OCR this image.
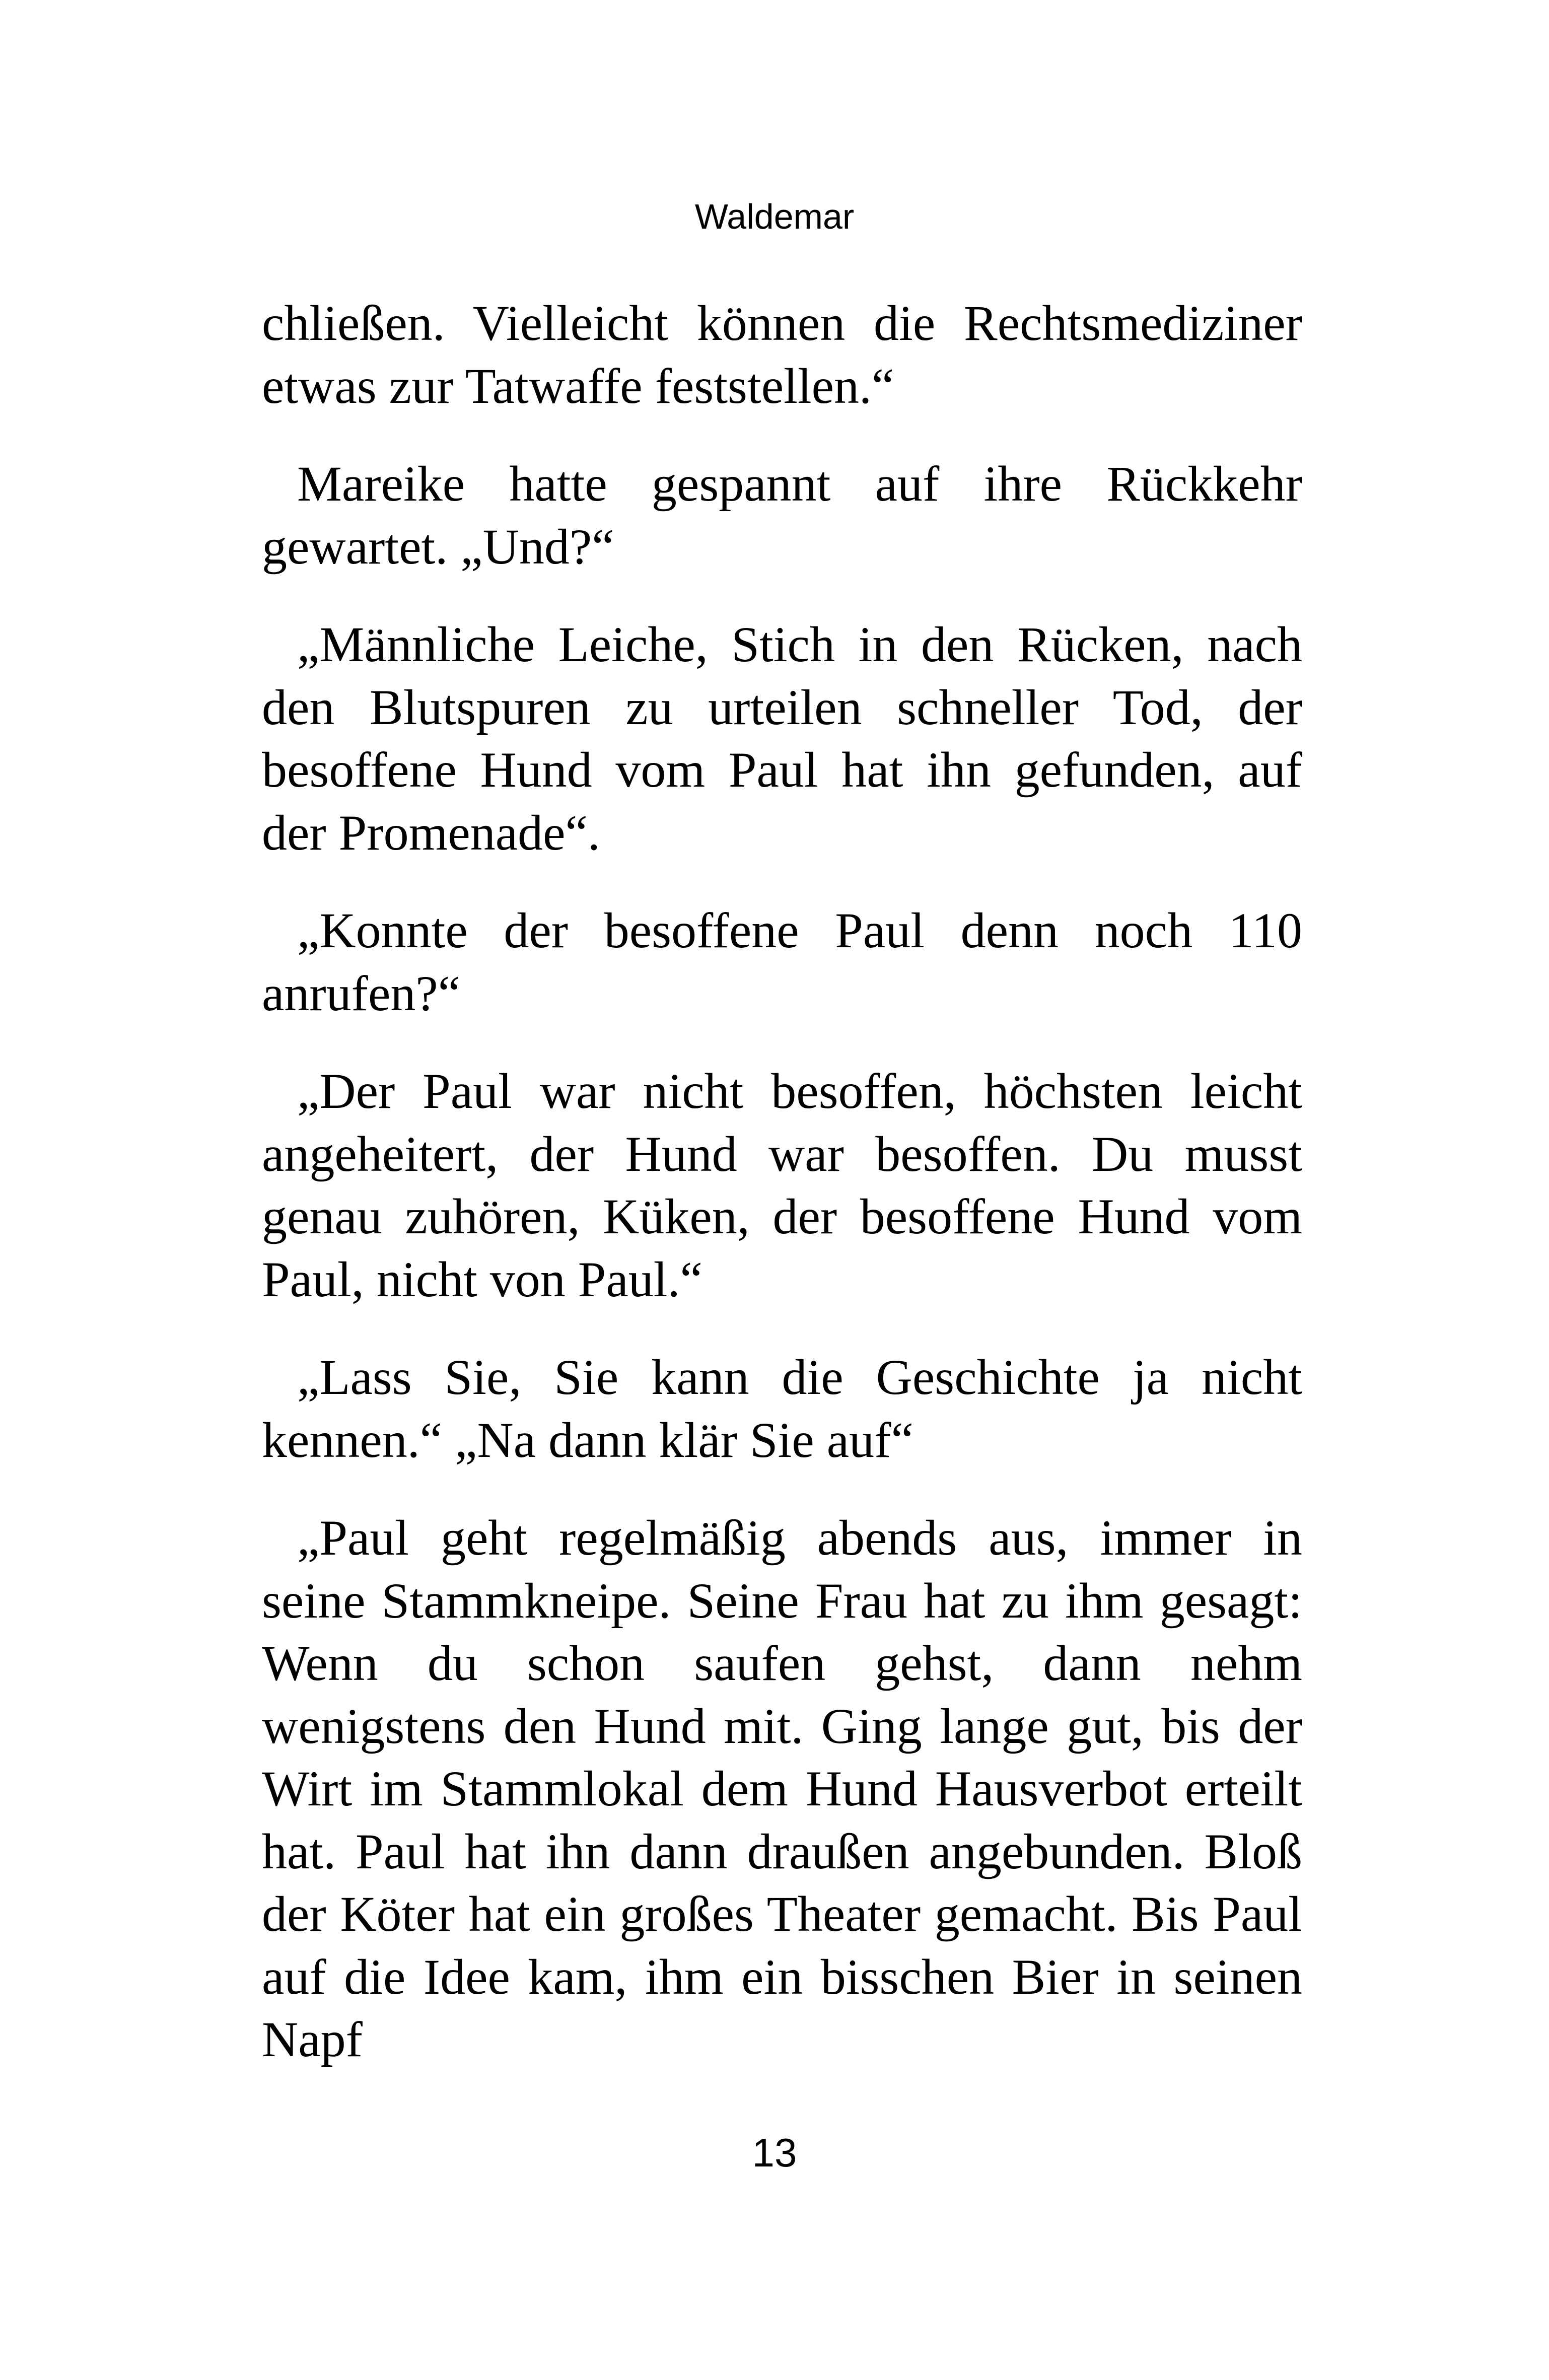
Waldemar

chließen. Vielleicht können die Rechtsmediziner etwas zur Tatwaffe feststellen.“

Mareike hatte gespannt auf ihre Rückkehr gewartet. „Und?“

„Männliche Leiche, Stich in den Rücken, nach den Blutspuren zu urteilen schneller Tod, der besoffene Hund vom Paul hat ihn gefunden, auf der Promenade“.

„Konnte der besoffene Paul denn noch 110 anrufen?“

„Der Paul war nicht besoffen, höchsten leicht angeheitert, der Hund war besoffen. Du musst genau zuhören, Küken, der besoffene Hund vom Paul, nicht von Paul.“

„Lass Sie, Sie kann die Geschichte ja nicht kennen.“ „Na dann klär Sie auf“

„Paul geht regelmäßig abends aus, immer in seine Stammkneipe. Seine Frau hat zu ihm gesagt: Wenn du schon saufen gehst, dann nehm wenigstens den Hund mit. Ging lange gut, bis der Wirt im Stammlokal dem Hund Hausverbot erteilt hat. Paul hat ihn dann draußen angebunden. Bloß der Köter hat ein großes Theater gemacht. Bis Paul auf die Idee kam, ihm ein bisschen Bier in seinen Napf

13
